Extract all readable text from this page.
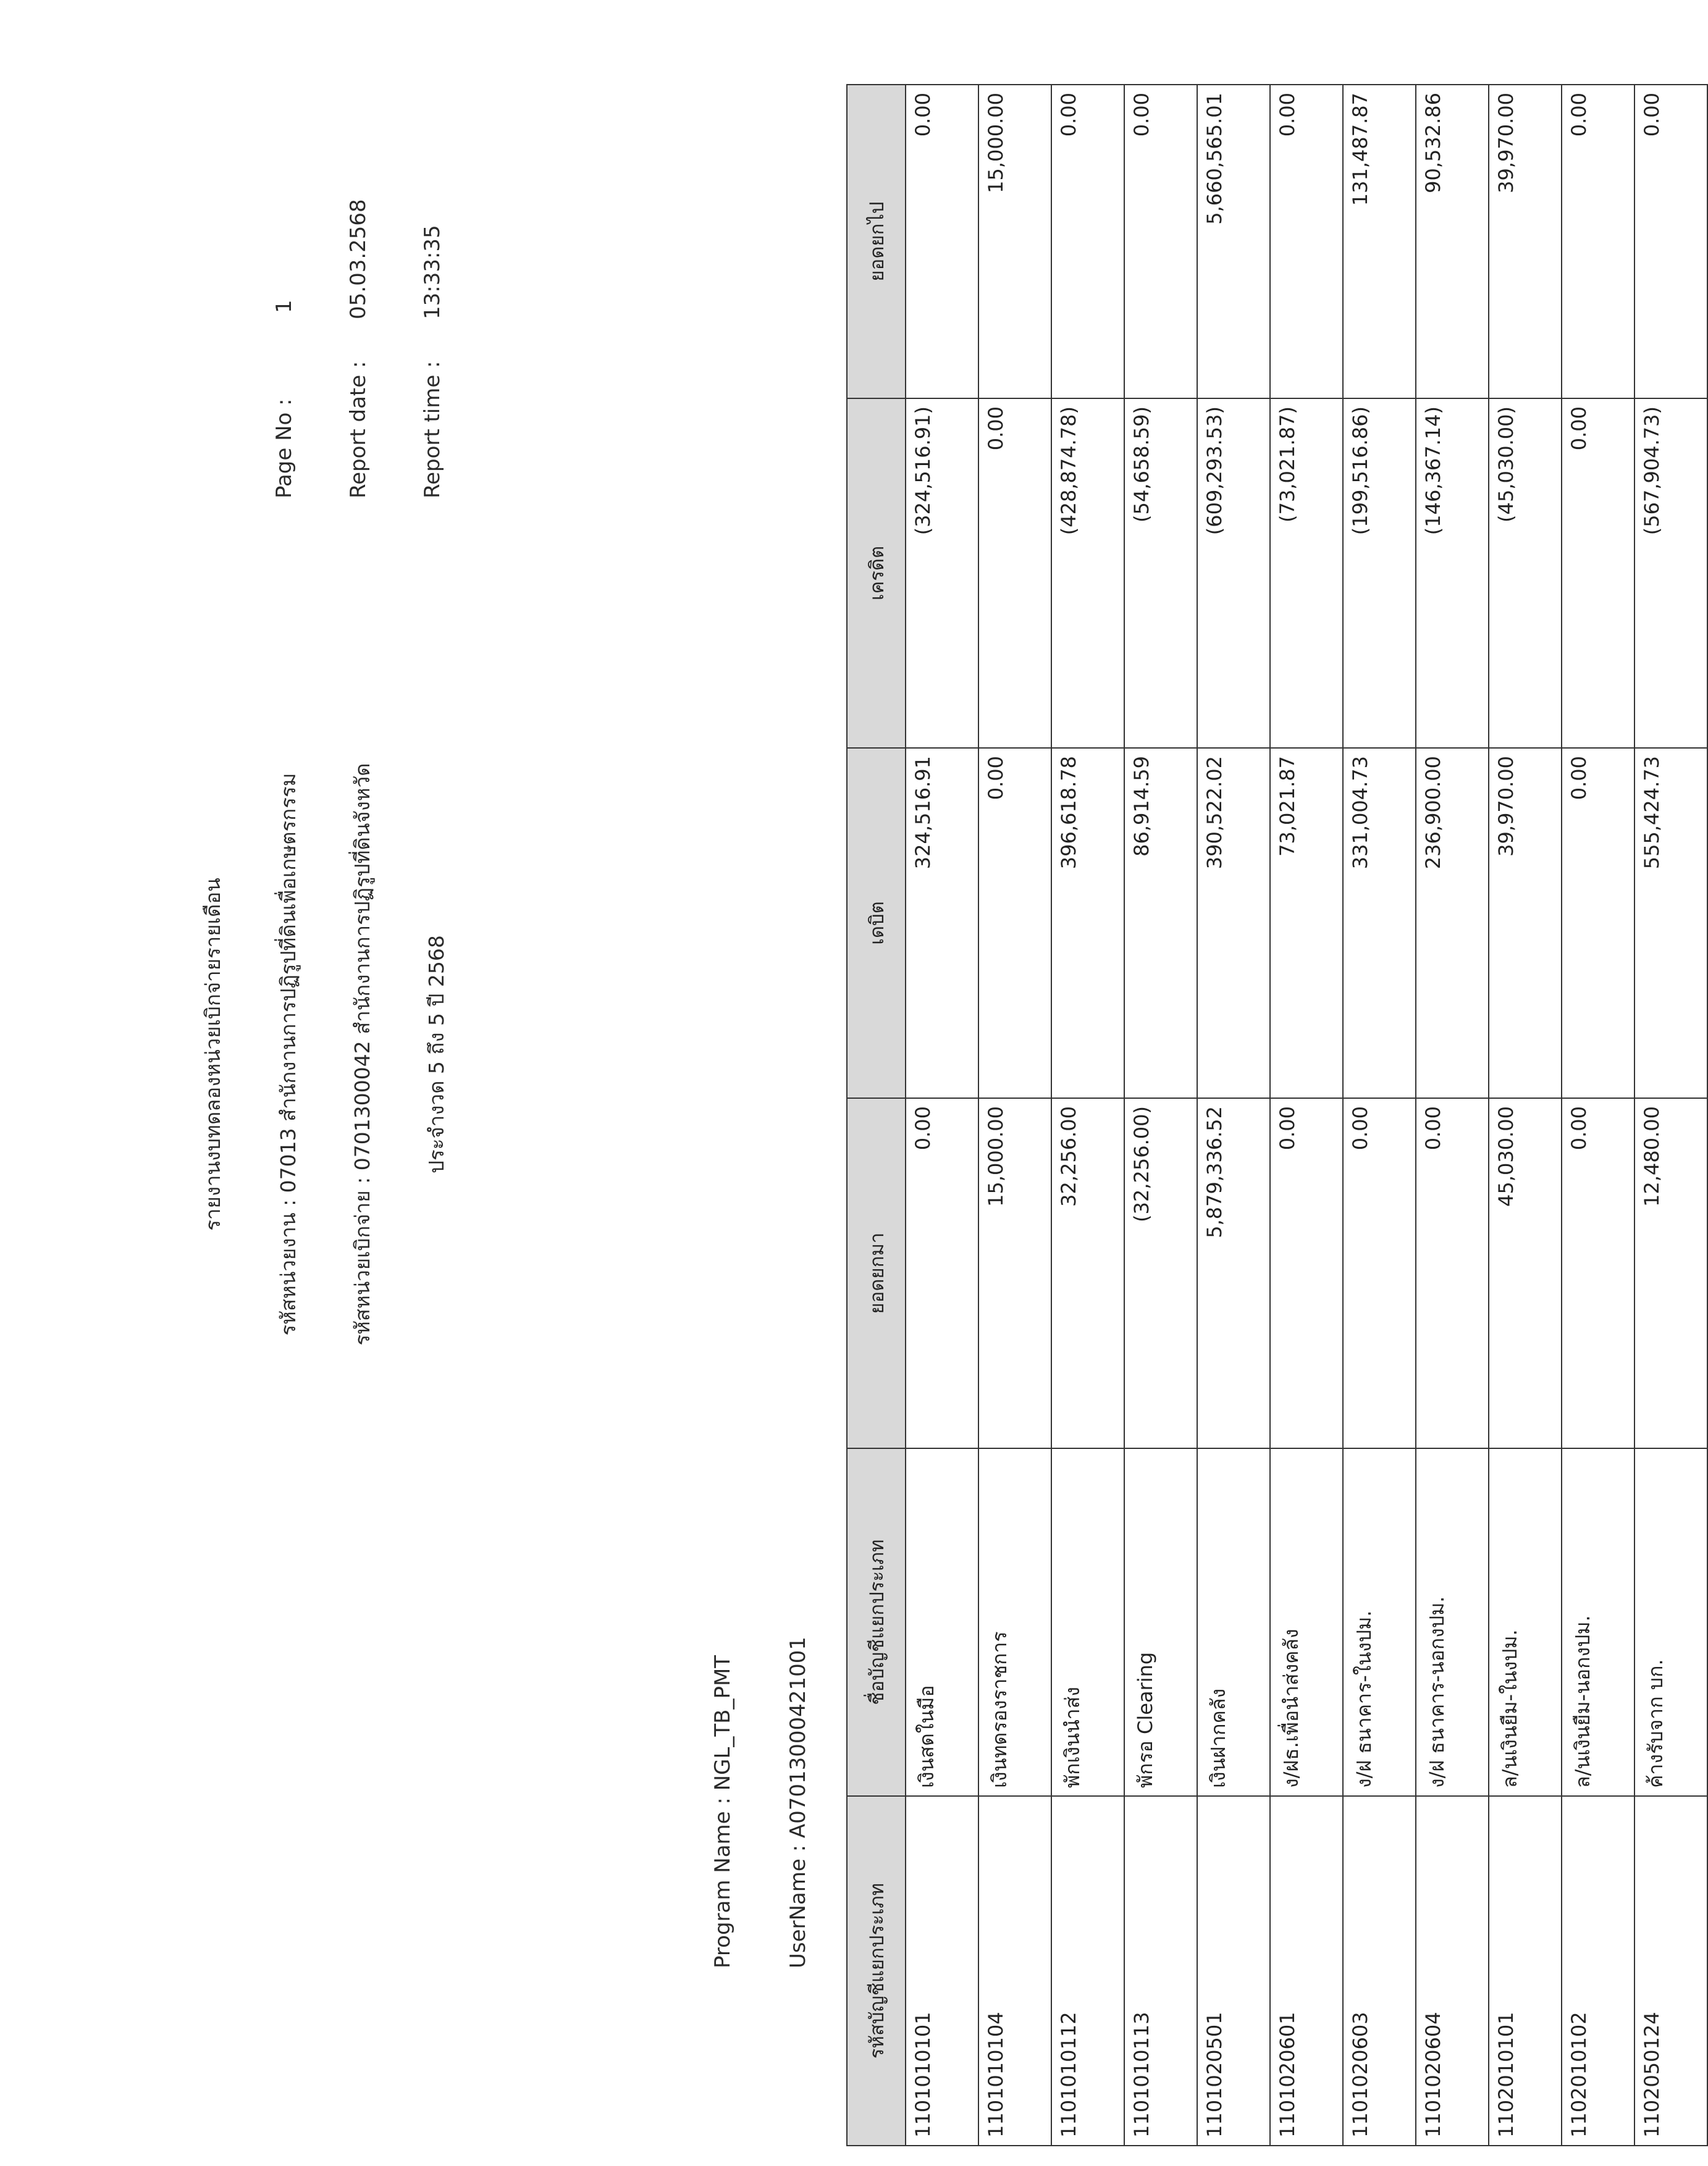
Program Name : NGL_TB_PMT UserName : A0701300042​1001
รายงานงบทดลองหน่วยเบิกจ่ายรายเดือน	รหัสหน่วยงาน : 07013 สำนักงานการปฏิรูปที่ดินเพื่อเกษตรกรรม รหัสหน่วยเบิกจ่าย : 0701300042 สำนักงานการปฏิรูปที่ดินจังหวัด ประจำงวด 5 ถึง 5 ปี 2568
Page No :
1
Report date :
05.03.2568
Report time :
13:33:35
รหัสบัญชีแยกประเภท	ชื่อบัญชีแยกประเภท	ยอดยกมา	เดบิต	เครดิต	ยอดยกไป
1101010101	เงินสดในมือ	0.00	324,516.91	(324,516.91)	0.00
1101010104	เงินทดรองราชการ	15,000.00	0.00	0.00	15,000.00
1101010112	พักเงินนำส่ง	32,256.00	396,618.78	(428,874.78)	0.00
1101010113	พักรอ Clearing	(32,256.00)	86,914.59	(54,658.59)	0.00
1101020501	เงินฝากคลัง	5,879,336.52	390,522.02	(609,293.53)	5,660,565.01
1101020601	ง/ฝธ.เพื่อนำส่งคลัง	0.00	73,021.87	(73,021.87)	0.00
1101020603	ง/ฝ ธนาคาร-ในงปม.	0.00	331,004.73	(199,516.86)	131,487.87
1101020604	ง/ฝ ธนาคาร-นอกงปม.	0.00	236,900.00	(146,367.14)	90,532.86
1102010101	ล/นเงินยืม-ในงปม.	45,030.00	39,970.00	(45,030.00)	39,970.00
1102010102	ล/นเงินยืม-นอกงปม.	0.00	0.00	0.00	0.00
1102050124	ค้างรับจาก บก.	12,480.00	555,424.73	(567,904.73)	0.00
